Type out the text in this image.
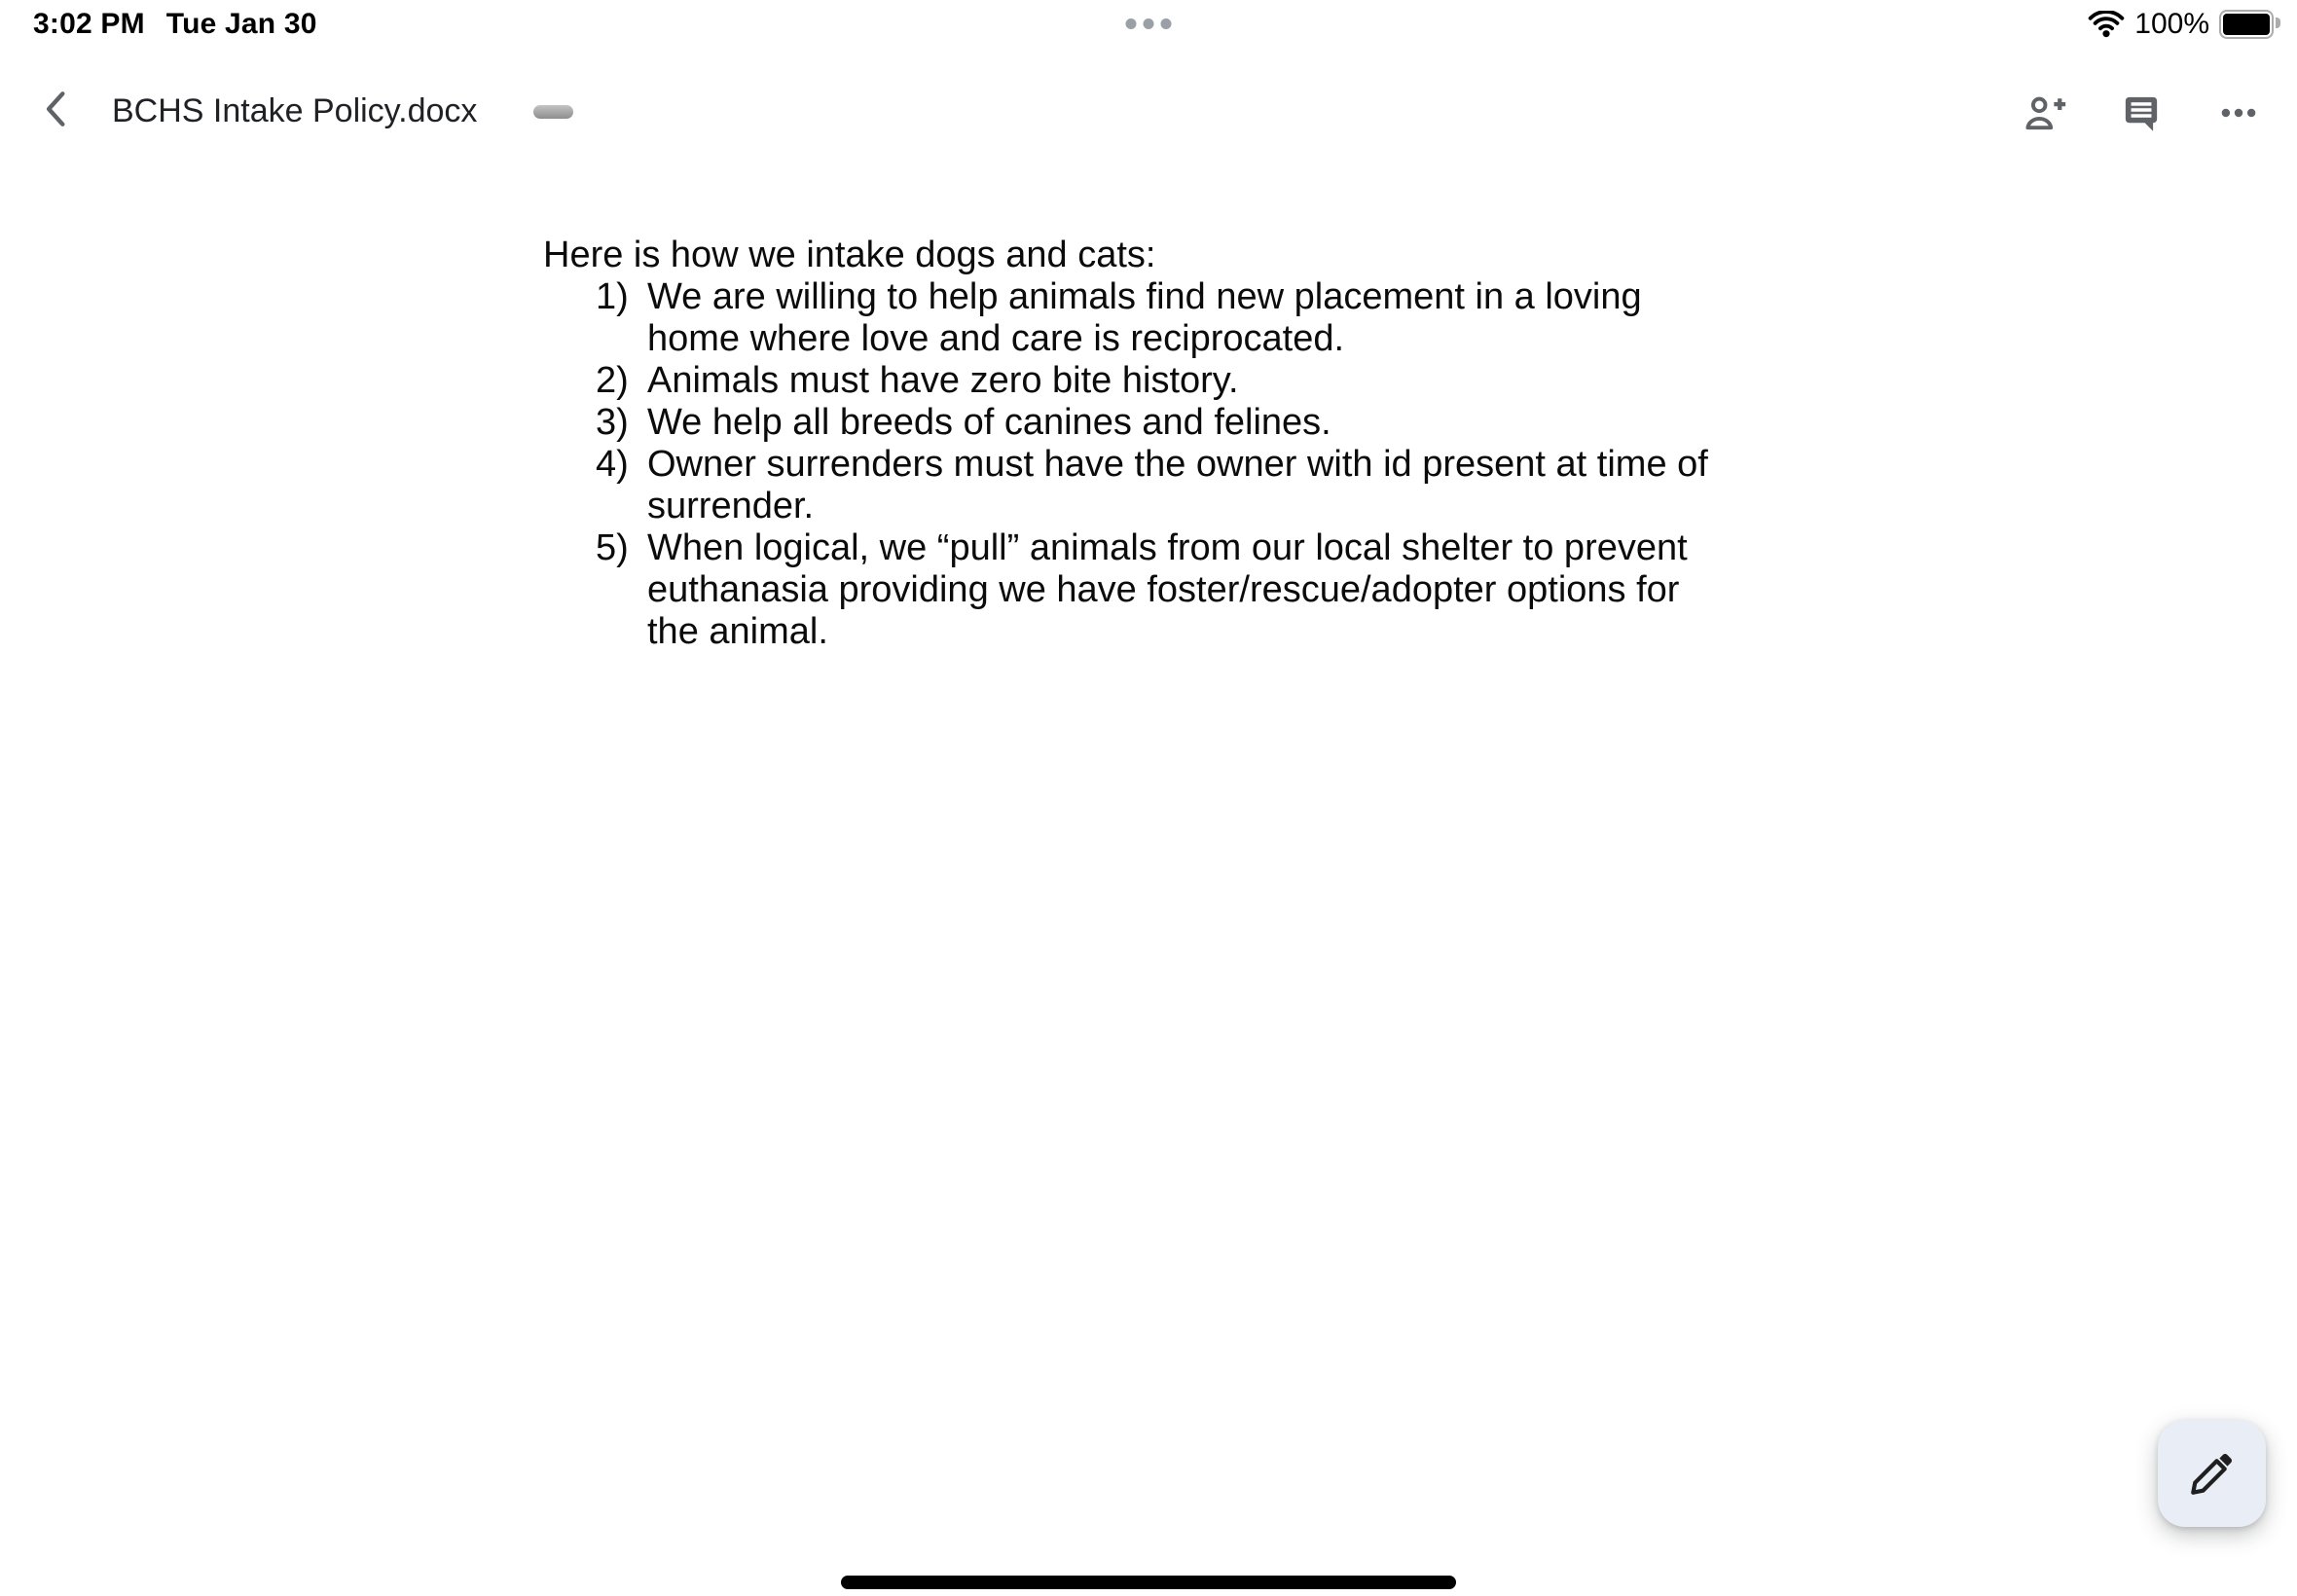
3:02 PM Tue Jan 30	100%
BCHS Intake Policy.docx

Here is how we intake dogs and cats:

1) We are willing to help animals find new placement in a loving home where love and care is reciprocated.
2) Animals must have zero bite history.
3) We help all breeds of canines and felines.
4) Owner surrenders must have the owner with id present at time of surrender.
5) When logical, we “pull” animals from our local shelter to prevent euthanasia providing we have foster/rescue/adopter options for the animal.
